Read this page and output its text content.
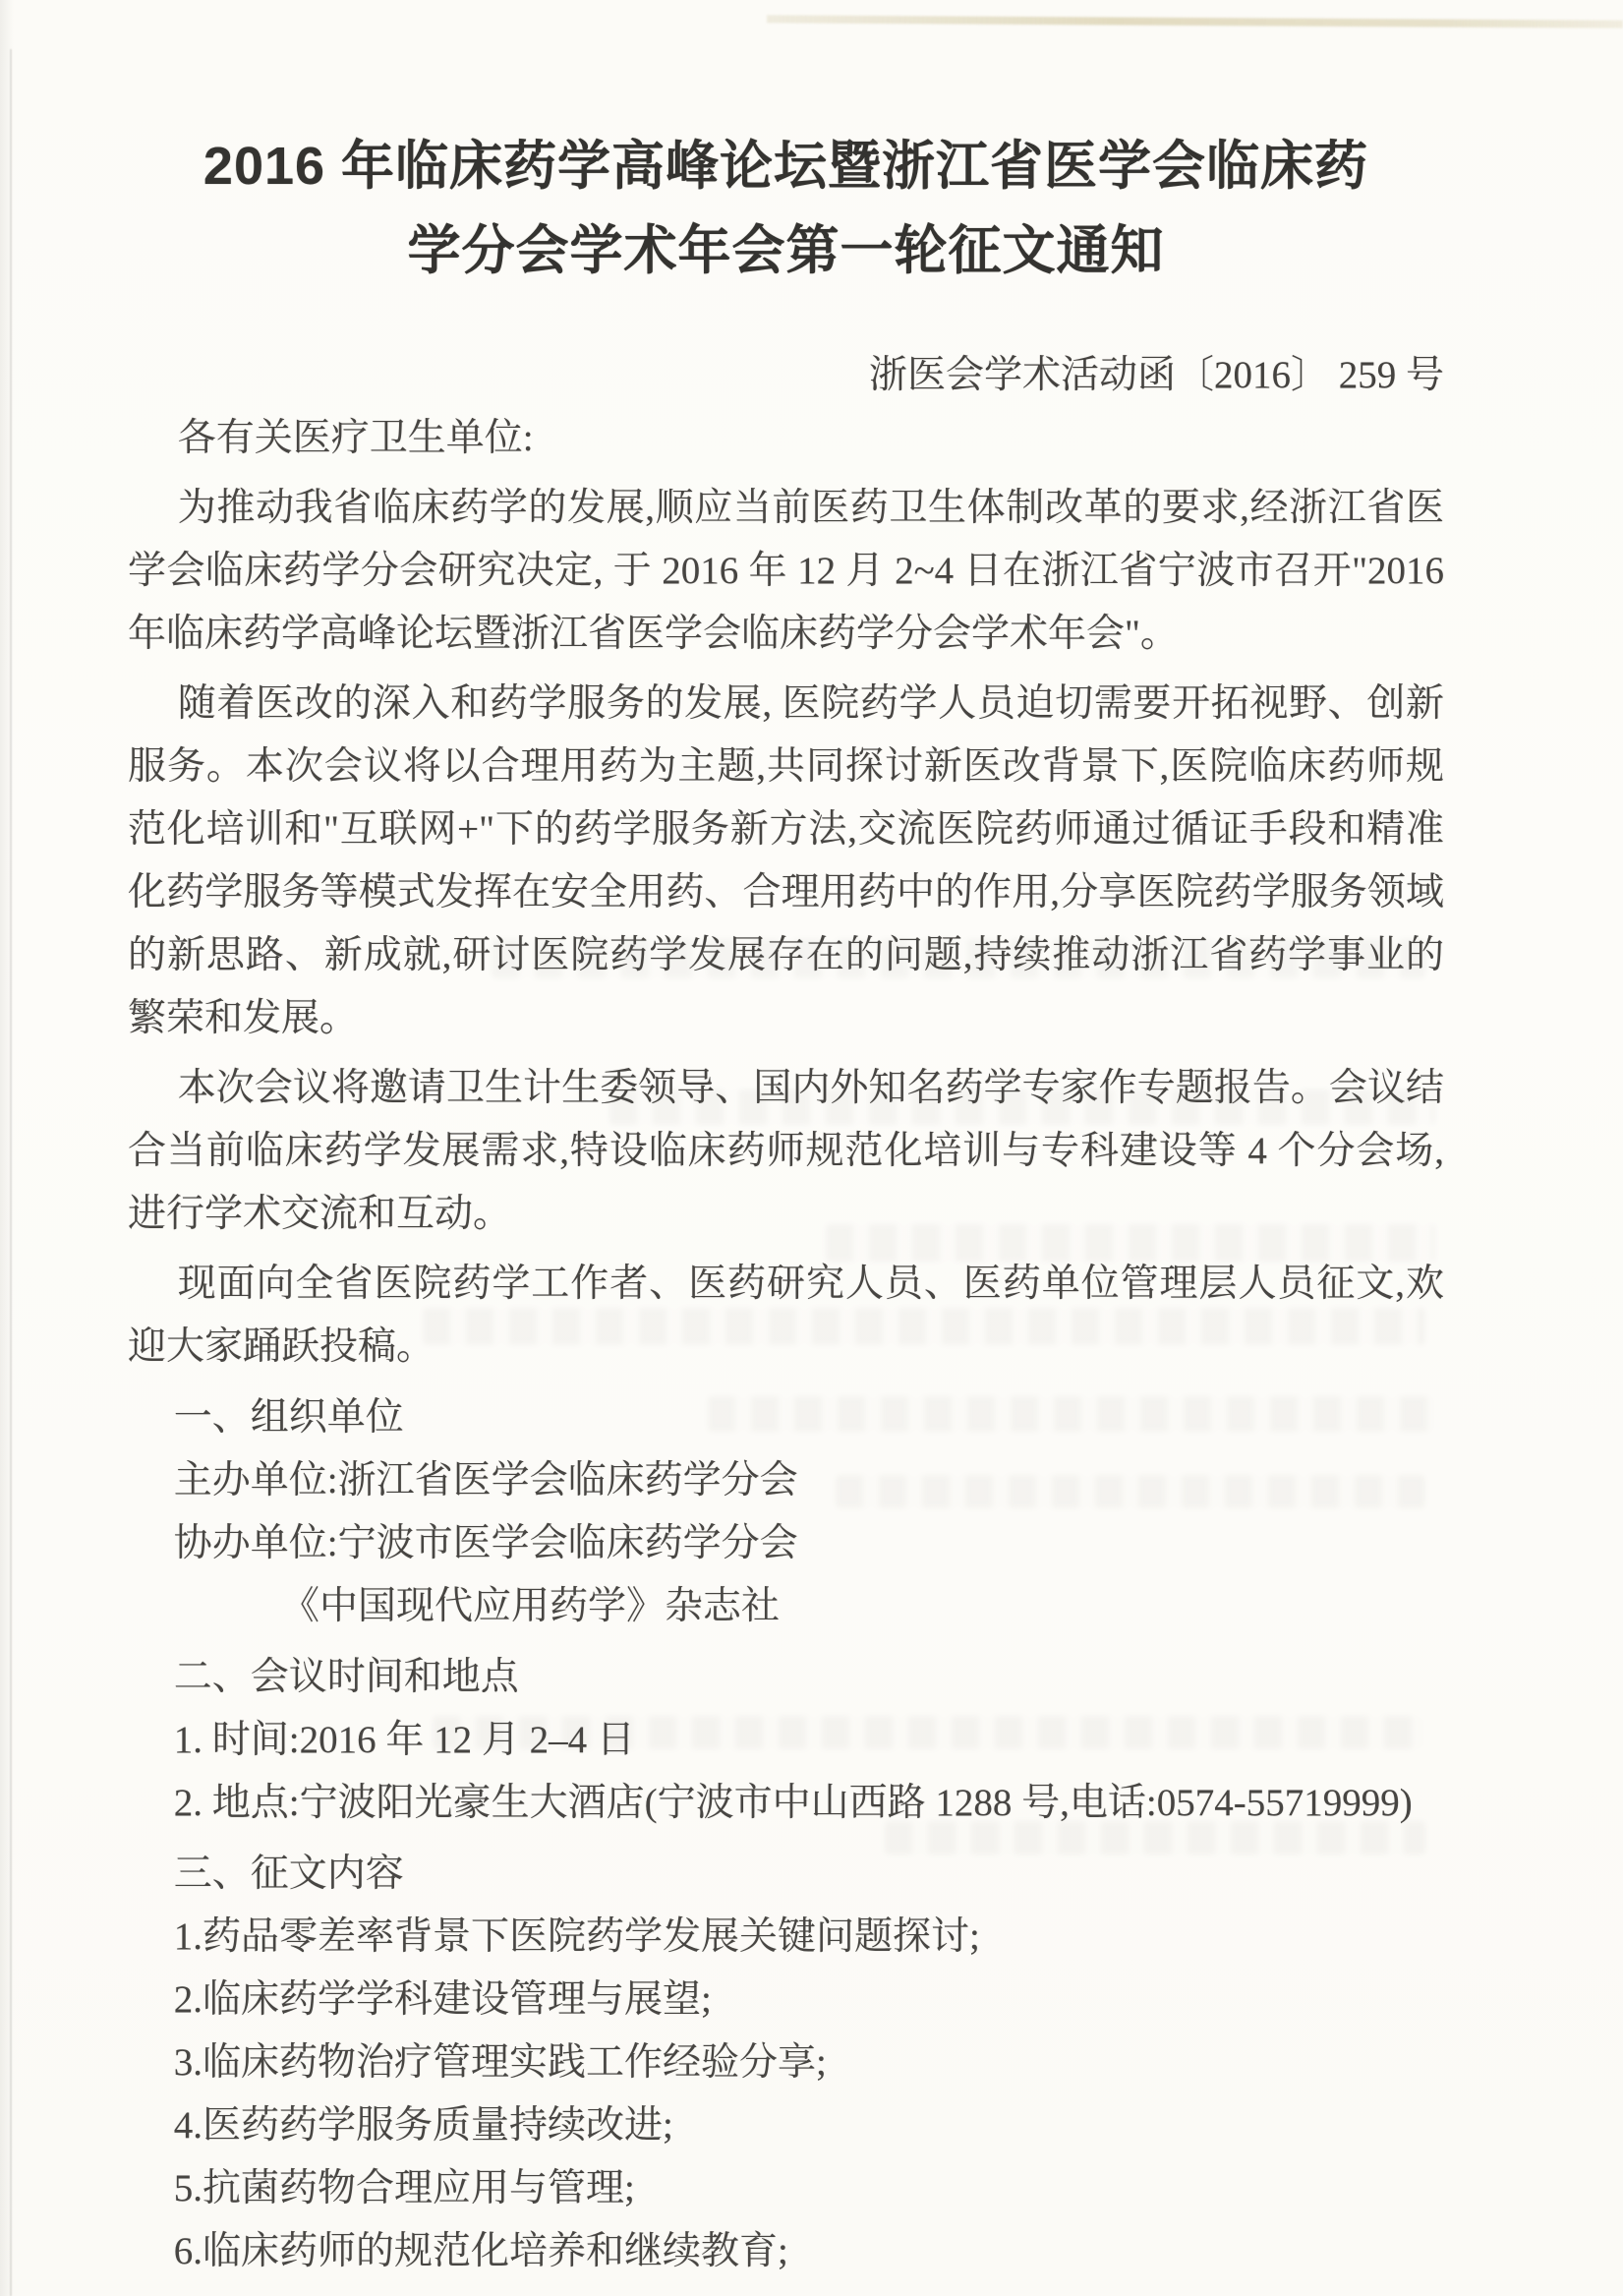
2016 年临床药学高峰论坛暨浙江省医学会临床药
学分会学术年会第一轮征文通知
浙医会学术活动函〔2016〕 259 号

各有关医疗卫生单位:

为推动我省临床药学的发展,顺应当前医药卫生体制改革的要求,经浙江省医学会临床药学分会研究决定, 于 2016 年 12 月 2~4 日在浙江省宁波市召开"2016 年临床药学高峰论坛暨浙江省医学会临床药学分会学术年会"。

随着医改的深入和药学服务的发展, 医院药学人员迫切需要开拓视野、创新服务。本次会议将以合理用药为主题,共同探讨新医改背景下,医院临床药师规范化培训和"互联网+"下的药学服务新方法,交流医院药师通过循证手段和精准化药学服务等模式发挥在安全用药、合理用药中的作用,分享医院药学服务领域的新思路、新成就,研讨医院药学发展存在的问题,持续推动浙江省药学事业的繁荣和发展。

本次会议将邀请卫生计生委领导、国内外知名药学专家作专题报告。会议结合当前临床药学发展需求,特设临床药师规范化培训与专科建设等 4 个分会场,进行学术交流和互动。

现面向全省医院药学工作者、医药研究人员、医药单位管理层人员征文,欢迎大家踊跃投稿。

一、组织单位

主办单位:浙江省医学会临床药学分会

协办单位:宁波市医学会临床药学分会

《中国现代应用药学》杂志社

二、会议时间和地点

1. 时间:2016 年 12 月 2–4 日

2. 地点:宁波阳光豪生大酒店(宁波市中山西路 1288 号,电话:0574-55719999)

三、征文内容

1.药品零差率背景下医院药学发展关键问题探讨;

2.临床药学学科建设管理与展望;

3.临床药物治疗管理实践工作经验分享;

4.医药药学服务质量持续改进;

5.抗菌药物合理应用与管理;

6.临床药师的规范化培养和继续教育;
